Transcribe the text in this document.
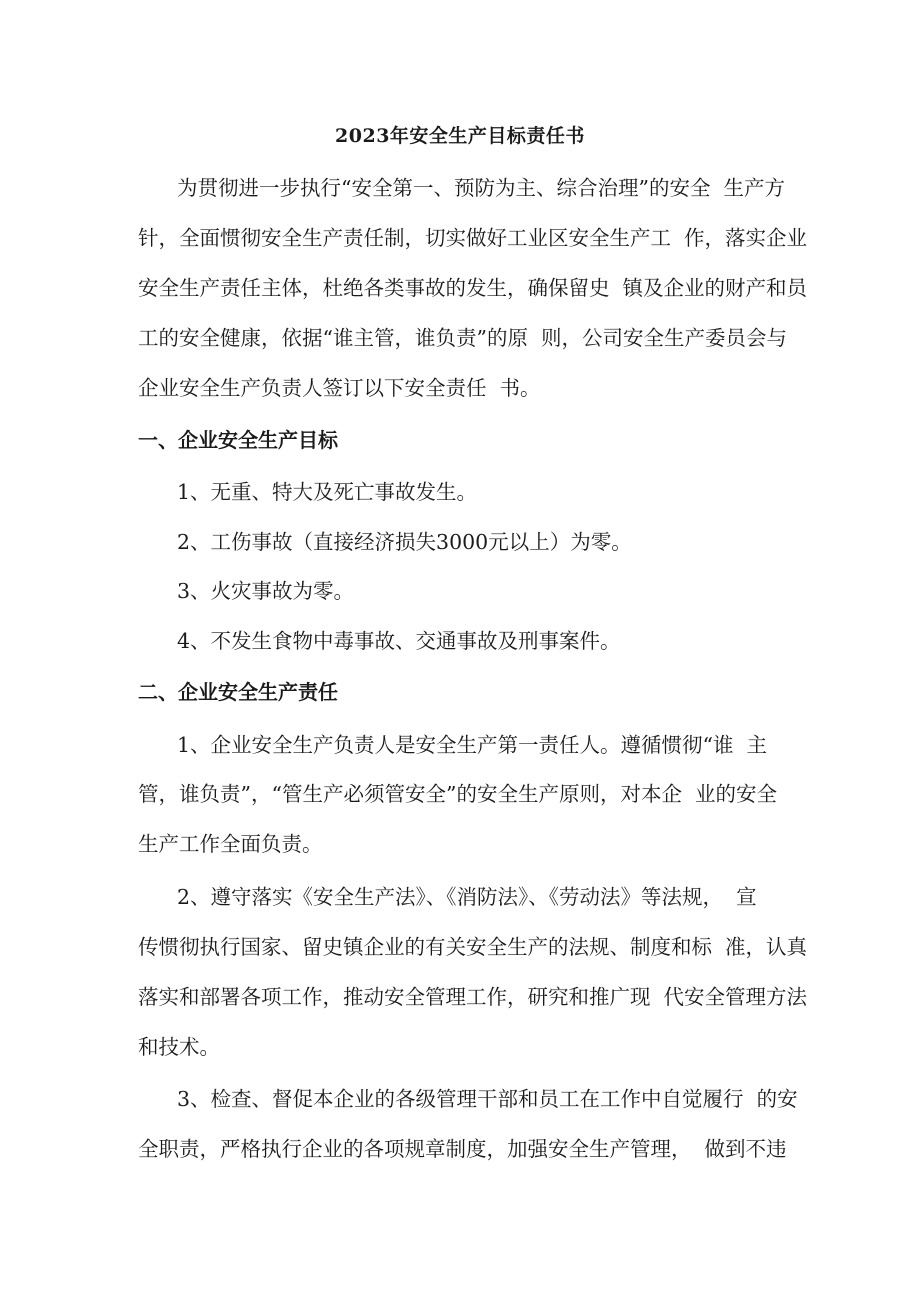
2023年安全生产目标责任书
为贯彻进一步执行“安全第一、预防为主、综合治理”的安全  生产方
针，全面惯彻安全生产责任制，切实做好工业区安全生产工  作，落实企业
安全生产责任主体，杜绝各类事故的发生，确保留史  镇及企业的财产和员
工的安全健康，依据“谁主管，谁负责”的原  则，公司安全生产委员会与
企业安全生产负责人签订以下安全责任  书。
一、企业安全生产目标
1、无重、特大及死亡事故发生。
2、工伤事故（直接经济损失3000元以上）为零。
3、火灾事故为零。
4、不发生食物中毒事故、交通事故及刑事案件。
二、企业安全生产责任
1、企业安全生产负责人是安全生产第一责任人。遵循惯彻“谁  主
管，谁负责”，“管生产必须管安全”的安全生产原则，对本企  业的安全
生产工作全面负责。
2、遵守落实《安全生产法》、《消防法》、《劳动法》等法规，  宣
传惯彻执行国家、留史镇企业的有关安全生产的法规、制度和标  准，认真
落实和部署各项工作，推动安全管理工作，研究和推广现  代安全管理方法
和技术。
3、检查、督促本企业的各级管理干部和员工在工作中自觉履行  的安
全职责，严格执行企业的各项规章制度，加强安全生产管理，  做到不违
